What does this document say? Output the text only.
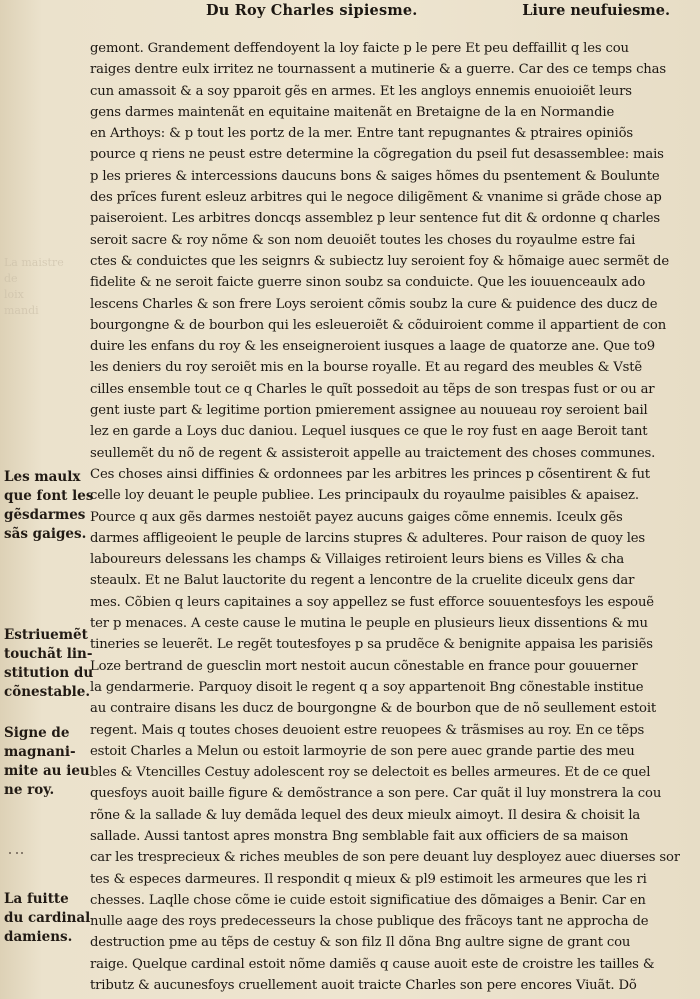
Du Roy Charles sipiesme.	Liure neufuiesme.
La maistre
de
loix
mandi
Les maulx
que font les
gẽsdarmes
sãs gaiges.
Estriuemẽt
touchãt lin-
stitution du
cõnestable.
Signe de
magnani-
mite au ieu
ne roy.
La fuitte
du cardinal
damiens.
gemont. Grandement deffendoyent la loy faicte p le pere Et peu deffaillit q les cou
raiges dentre eulx irritez ne tournassent a mutinerie & a guerre. Car des ce temps chas
cun amassoit & a soy pparoit gẽs en armes. Et les angloys ennemis enuoioiẽt leurs
gens darmes maintenãt en equitaine maitenãt en Bretaigne de la en Normandie
en Arthoys: & p tout les portz de la mer. Entre tant repugnantes & ptraires opiniõs
pource q riens ne peust estre determine la cõgregation du pseil fut desassemblee: mais
p les prieres & intercessions daucuns bons & saiges hõmes du psentement & Boulunte
des prĩces furent esleuz arbitres qui le negoce diligẽment & vnanime si grãde chose ap
paiseroient. Les arbitres doncqs assemblez p leur sentence fut dit & ordonne q charles
seroit sacre & roy nõme & son nom deuoiẽt toutes les choses du royaulme estre fai
ctes & conduictes que les seignrs & subiectz luy seroient foy & hõmaige auec sermẽt de
fidelite & ne seroit faicte guerre sinon soubz sa conduicte. Que les iouuenceaulx ado
lescens Charles & son frere Loys seroient cõmis soubz la cure & puidence des ducz de
bourgongne & de bourbon qui les esleueroiẽt & cõduiroient comme il appartient de con
duire les enfans du roy & les enseigneroient iusques a laage de quatorze ane. Que to9
les deniers du roy seroiẽt mis en la bourse royalle. Et au regard des meubles & Vstẽ
cilles ensemble tout ce q Charles le quĩt possedoit au tẽps de son trespas fust or ou ar
gent iuste part & legitime portion pmierement assignee au nouueau roy seroient bail
lez en garde a Loys duc daniou. Lequel iusques ce que le roy fust en aage Beroit tant
seullemẽt du nõ de regent & assisteroit appelle au traictement des choses communes.
Ces choses ainsi diffinies & ordonnees par les arbitres les princes p cõsentirent & fut
celle loy deuant le peuple publiee. Les principaulx du royaulme paisibles & apaisez.
Pource q aux gẽs darmes nestoiẽt payez aucuns gaiges cõme ennemis. Iceulx gẽs
darmes affligeoient le peuple de larcins stupres & adulteres. Pour raison de quoy les
laboureurs delessans les champs & Villaiges retiroient leurs biens es Villes & cha
steaulx. Et ne Balut lauctorite du regent a lencontre de la cruelite diceulx gens dar
mes. Cõbien q leurs capitaines a soy appellez se fust efforce souuentesfoys les espouẽ
ter p menaces. A ceste cause le mutina le peuple en plusieurs lieux dissentions & mu
tineries se leuerẽt. Le regẽt toutesfoyes p sa prudẽce & benignite appaisa les parisiẽs
Loze bertrand de guesclin mort nestoit aucun cõnestable en france pour gouuerner
la gendarmerie. Parquoy disoit le regent q a soy appartenoit Bng cõnestable institue
au contraire disans les ducz de bourgongne & de bourbon que de nõ seullement estoit
regent. Mais q toutes choses deuoient estre reuopees & trãsmises au roy. En ce tẽps
estoit Charles a Melun ou estoit larmoyrie de son pere auec grande partie des meu
bles & Vtencilles Cestuy adolescent roy se delectoit es belles armeures. Et de ce quel
quesfoys auoit baille figure & demõstrance a son pere. Car quãt il luy monstrera la cou
rõne & la sallade & luy demãda lequel des deux mieulx aimoyt. Il desira & choisit la
sallade. Aussi tantost apres monstra Bng semblable fait aux officiers de sa maison
car les tresprecieux & riches meubles de son pere deuant luy desployez auec diuerses sor
tes & especes darmeures. Il respondit q mieux & pl9 estimoit les armeures que les ri
chesses. Laqlle chose cõme ie cuide estoit significatiue des dõmaiges a Benir. Car en
nulle aage des roys predecesseurs la chose publique des frãcoys tant ne approcha de
destruction pme au tẽps de cestuy & son filz Il dõna Bng aultre signe de grant cou
raige. Quelque cardinal estoit nõme damiẽs q cause auoit este de croistre les tailles &
tributz & aucunesfoys cruellement auoit traicte Charles son pere encores Viuãt. Dõ
